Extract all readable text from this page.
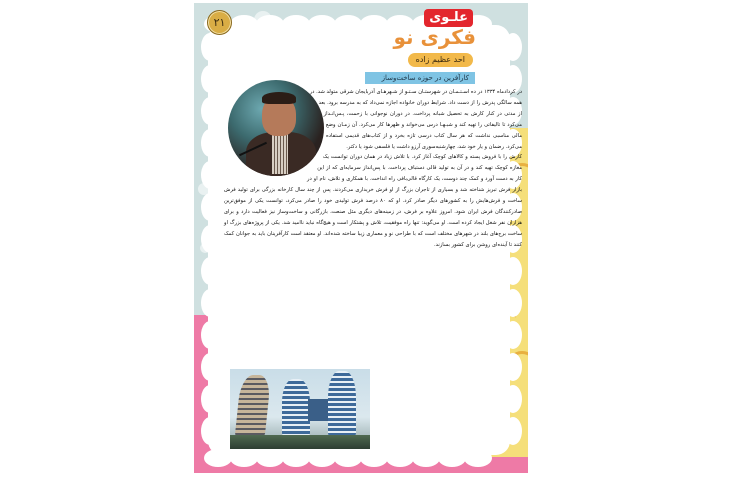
۲۱	علـوی
فکری نو
احد عظیم زاده
کارآفرین در حوزه ساخت‌وساز
در کردادماه ۱۳۳۴ در ده اسـتـمـان در شهرستـان سـتـو از شـهرهـای آذربایجان شرقی متولد شد. در همه سالگی پدرش را از دست داد. شرایط دوران خانواده اجازه نمی‌داد که به مدرسه برود. بعد از مدتی در کنار کارش به تحصیل شبانه پرداخت. در دوران نوجوانی با زحمت، پـس‌انـداز می‌کرد تا تالیفاتی را تهیه کند و شبـهـا درس می‌خواند و ظهرها کار می‌کرد. آن زمـان وضع مالی مناسبی نداشت که هر سال کتاب درسی تازه بخرد و از کتاب‌های قدیمی استفاده می‌کرد. رضمان و یار خود شد، چهارشنبه‌سوری آرزو داشت یا فلسفی شود یا دکتر.
کارش را با فروش پسته و کالاهای کوچک آغاز کرد. با تلاش زیاد در همان دوران توانست یک مغازه کوچک تهیه کند و در آن به تولید قالی دستباف پرداخت. با پس‌انداز سرمایه‌ای که از این کار به دست آورد و کمک چند دوست، یک کارگاه قالی‌بافی راه انداخت. با همکاری و تلاش، نام او در بازار فرش تبریز شناخته شد و بسیاری از تاجران بزرگ از او فرش خریداری می‌کردند. پس از چند سال کارخانه بزرگی برای تولید فرش ساخت و فرش‌هایش را به کشورهای دیگر صادر کرد. او که ۸۰ درصد فرش تولیدی خود را صادر می‌کرد، توانست یکی از موفق‌ترین صادرکنندگان فرش ایران شود. امروز علاوه بر فرش، در زمینه‌های دیگری مثل صنعت، بازرگانی و ساخت‌وساز نیز فعالیت دارد و برای هزاران نفر شغل ایجاد کرده است. او می‌گوید: تنها راه موفقیت، تلاش و پشتکار است و هیچ‌گاه نباید ناامید شد. یکی از پروژه‌های بزرگ او ساخت برج‌های بلند در شهرهای مختلف است که با طراحی نو و معماری زیبا ساخته شده‌اند. او معتقد است کارآفرینان باید به جوانان کمک کنند تا آینده‌ای روشن برای کشور بسازند.
